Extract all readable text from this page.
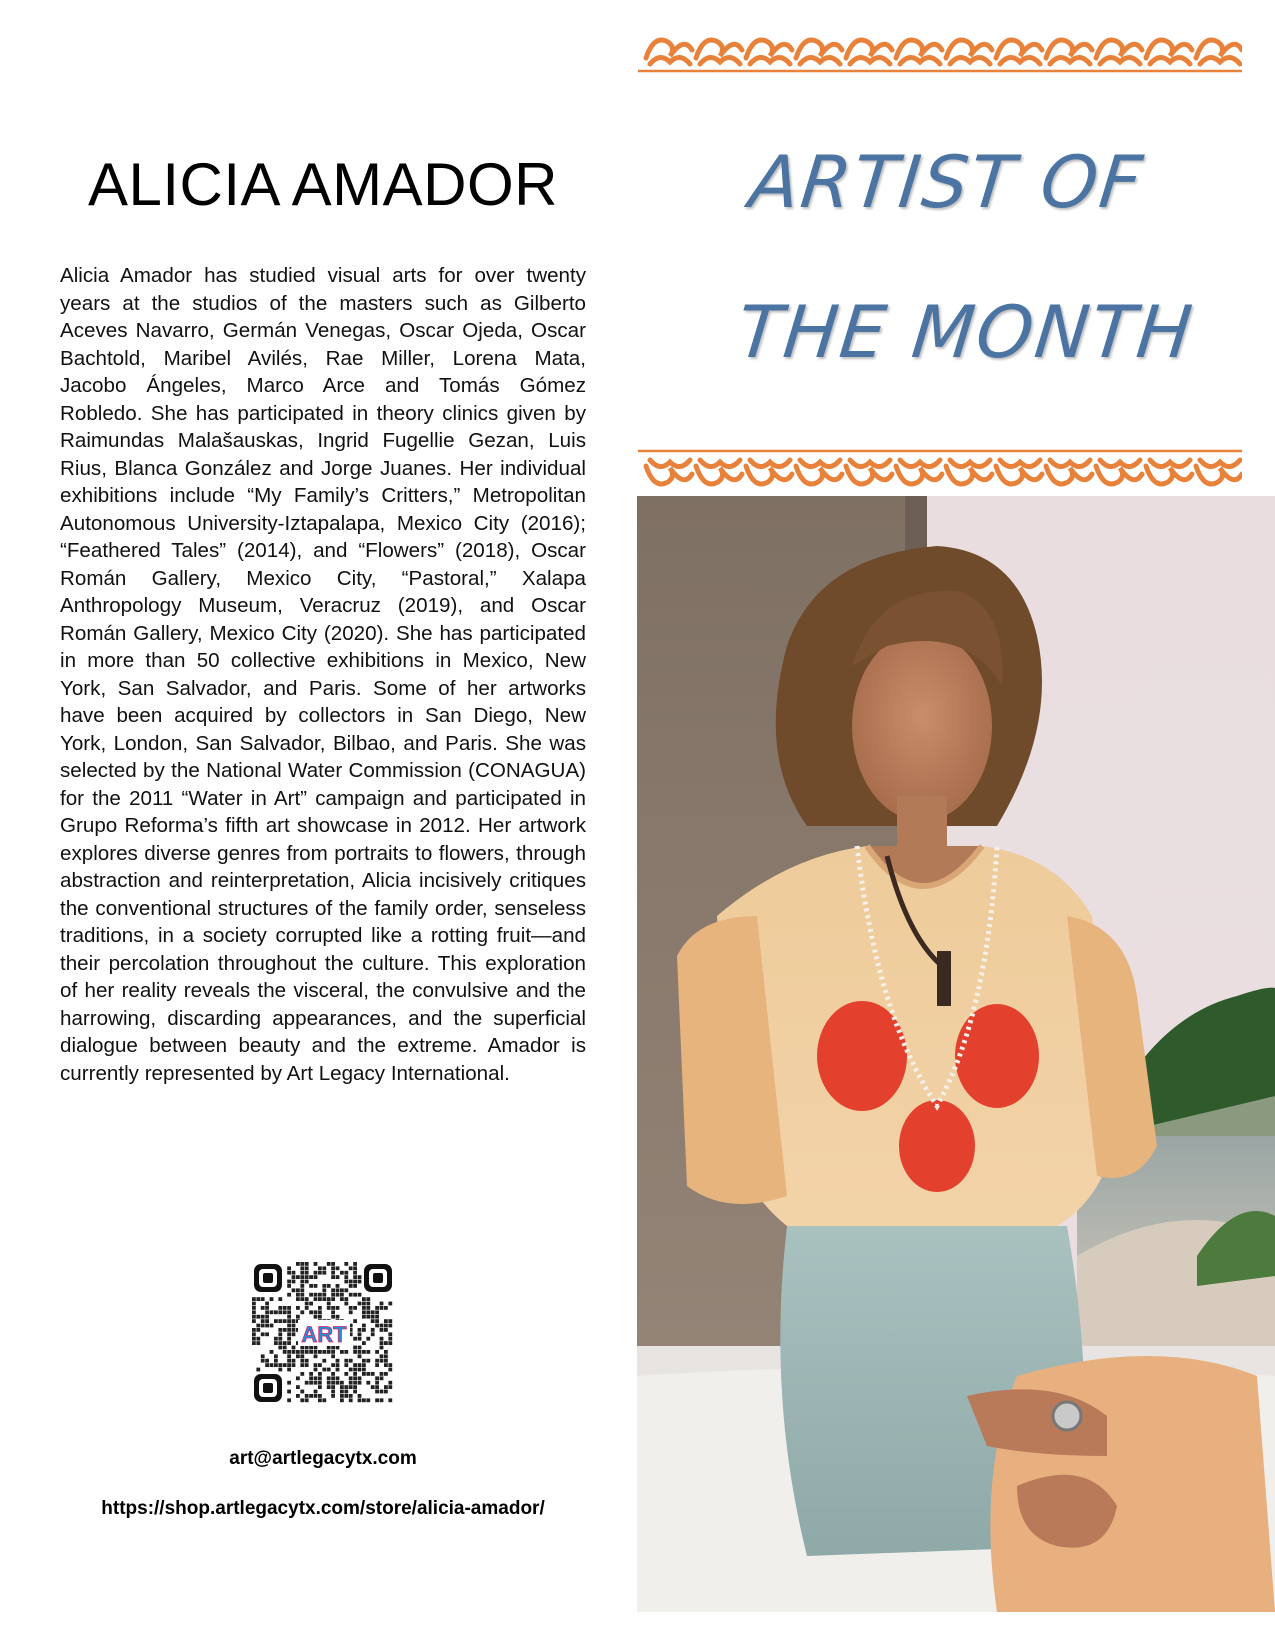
ALICIA AMADOR

Alicia Amador has studied visual arts for over twenty years at the studios of the masters such as Gilberto Aceves Navarro, Germán Venegas, Oscar Ojeda, Oscar Bachtold, Maribel Avilés, Rae Miller, Lorena Mata, Jacobo Ángeles, Marco Arce and Tomás Gómez Robledo. She has participated in theory clinics given by Raimundas Malašauskas, Ingrid Fugellie Gezan, Luis Rius, Blanca González and Jorge Juanes. Her individual exhibitions include “My Family’s Critters,” Metropolitan Autonomous University-Iztapalapa, Mexico City (2016); “Feathered Tales” (2014), and “Flowers” (2018), Oscar Román Gallery, Mexico City, “Pastoral,” Xalapa Anthropology Museum, Veracruz (2019), and Oscar Román Gallery, Mexico City (2020). She has participated in more than 50 collective exhibitions in Mexico, New York, San Salvador, and Paris. Some of her artworks have been acquired by collectors in San Diego, New York, London, San Salvador, Bilbao, and Paris. She was selected by the National Water Commission (CONAGUA) for the 2011 “Water in Art” campaign and participated in Grupo Reforma’s fifth art showcase in 2012. Her artwork explores diverse genres from portraits to flowers, through abstraction and reinterpretation, Alicia incisively critiques the conventional structures of the family order, senseless traditions, in a society corrupted like a rotting fruit—and their percolation throughout the culture. This exploration of her reality reveals the visceral, the convulsive and the harrowing, discarding appearances, and the superficial dialogue between beauty and the extreme. Amador is currently represented by Art Legacy International.

ART
art@artlegacytx.com
https://shop.artlegacytx.com/store/alicia-amador/
ARTIST OF
THE MONTH
